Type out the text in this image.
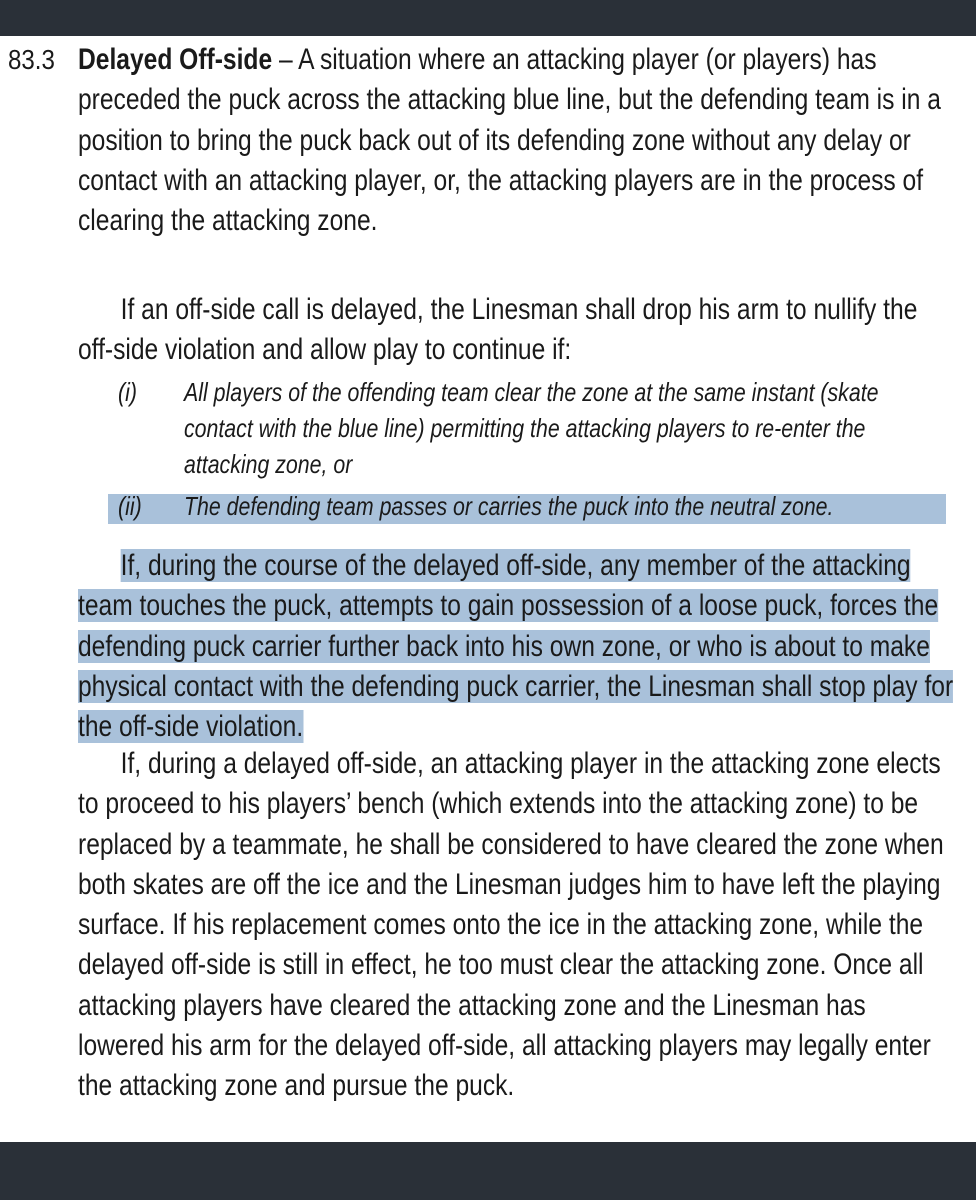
83.3 Delayed Off-side – A situation where an attacking player (or players) has preceded the puck across the attacking blue line, but the defending team is in a position to bring the puck back out of its defending zone without any delay or contact with an attacking player, or, the attacking players are in the process of clearing the attacking zone.
If an off-side call is delayed, the Linesman shall drop his arm to nullify the off-side violation and allow play to continue if:
(i) All players of the offending team clear the zone at the same instant (skate contact with the blue line) permitting the attacking players to re-enter the attacking zone, or
(ii) The defending team passes or carries the puck into the neutral zone.
If, during the course of the delayed off-side, any member of the attacking team touches the puck, attempts to gain possession of a loose puck, forces the defending puck carrier further back into his own zone, or who is about to make physical contact with the defending puck carrier, the Linesman shall stop play for the off-side violation.
If, during a delayed off-side, an attacking player in the attacking zone elects to proceed to his players’ bench (which extends into the attacking zone) to be replaced by a teammate, he shall be considered to have cleared the zone when both skates are off the ice and the Linesman judges him to have left the playing surface. If his replacement comes onto the ice in the attacking zone, while the delayed off-side is still in effect, he too must clear the attacking zone. Once all attacking players have cleared the attacking zone and the Linesman has lowered his arm for the delayed off-side, all attacking players may legally enter the attacking zone and pursue the puck.
